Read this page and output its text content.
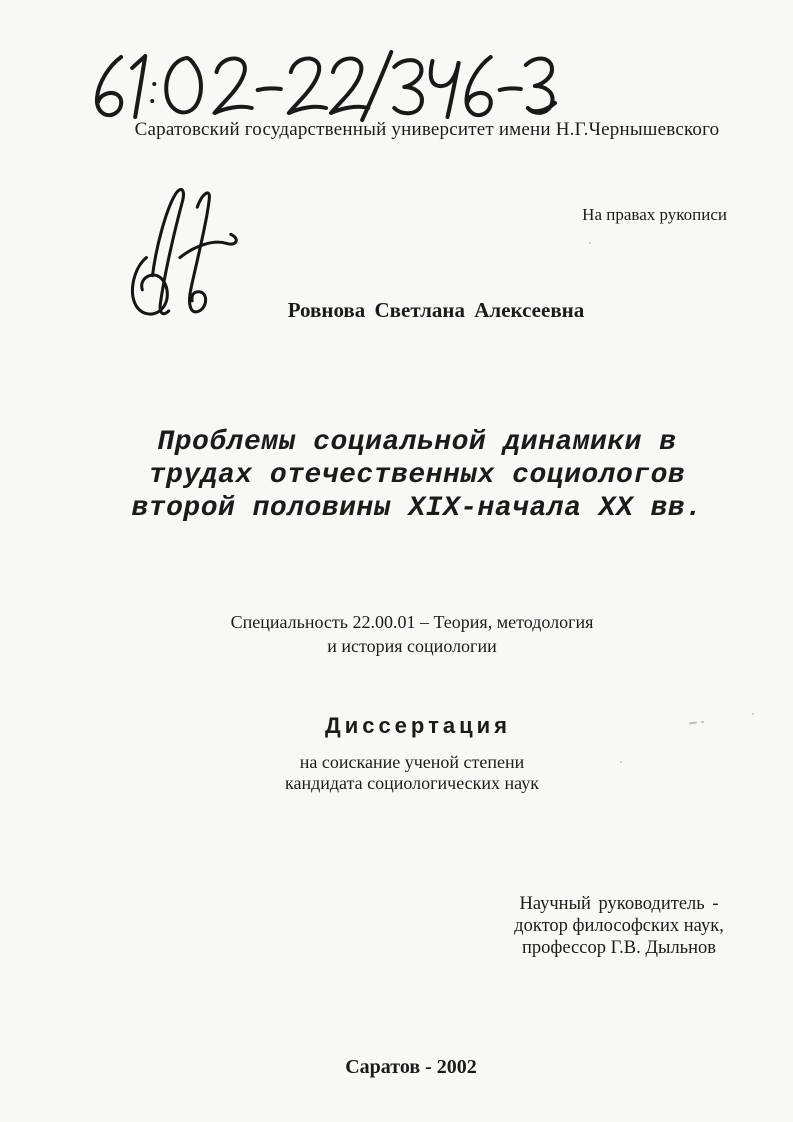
Саратовский государственный университет имени Н.Г.Чернышевского
На правах рукописи
Ровнова Светлана Алексеевна
Проблемы социальной динамики в
трудах отечественных социологов
второй половины XIX-начала XX вв.
Специальность 22.00.01 – Теория, методология
и история социологии
Диссертация
на соискание ученой степени
кандидата социологических наук
Научный руководитель -
доктор философских наук,
профессор Г.В. Дыльнов
Саратов - 2002
